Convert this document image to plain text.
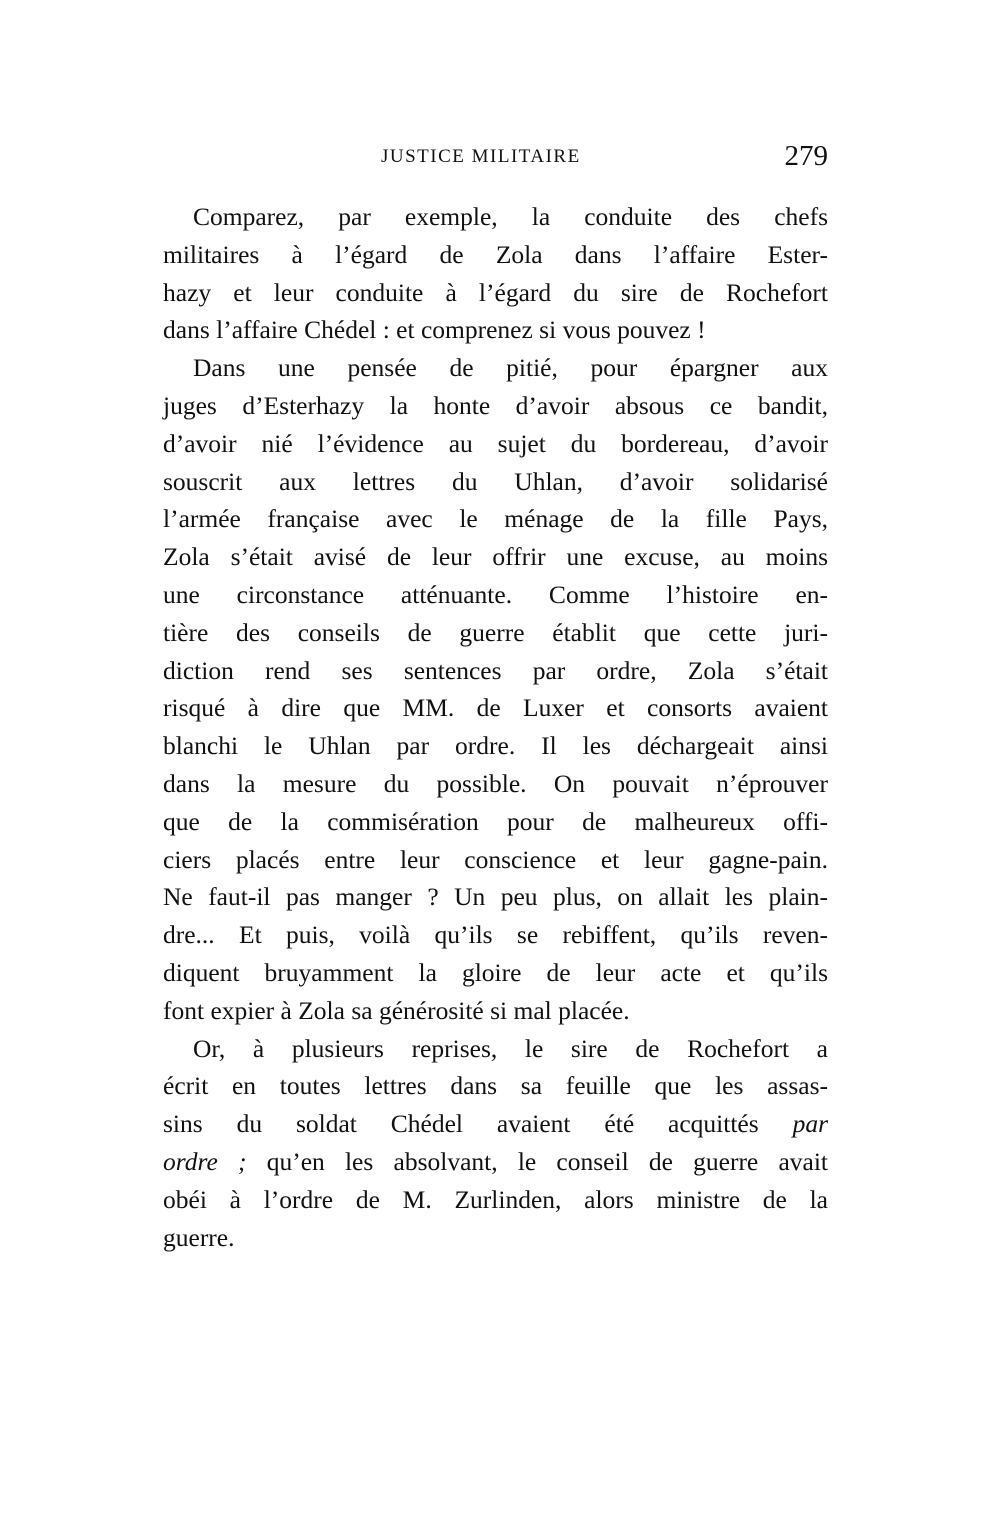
JUSTICE MILITAIRE	279
Comparez, par exemple, la conduite des chefs
militaires à l’égard de Zola dans l’affaire Ester-
hazy et leur conduite à l’égard du sire de Rochefort
dans l’affaire Chédel : et comprenez si vous pouvez !
Dans une pensée de pitié, pour épargner aux
juges d’Esterhazy la honte d’avoir absous ce bandit,
d’avoir nié l’évidence au sujet du bordereau, d’avoir
souscrit aux lettres du Uhlan, d’avoir solidarisé
l’armée française avec le ménage de la fille Pays,
Zola s’était avisé de leur offrir une excuse, au moins
une circonstance atténuante. Comme l’histoire en-
tière des conseils de guerre établit que cette juri-
diction rend ses sentences par ordre, Zola s’était
risqué à dire que MM. de Luxer et consorts avaient
blanchi le Uhlan par ordre. Il les déchargeait ainsi
dans la mesure du possible. On pouvait n’éprouver
que de la commisération pour de malheureux offi-
ciers placés entre leur conscience et leur gagne-pain.
Ne faut-il pas manger ? Un peu plus, on allait les plain-
dre... Et puis, voilà qu’ils se rebiffent, qu’ils reven-
diquent bruyamment la gloire de leur acte et qu’ils
font expier à Zola sa générosité si mal placée.
Or, à plusieurs reprises, le sire de Rochefort a
écrit en toutes lettres dans sa feuille que les assas-
sins du soldat Chédel avaient été acquittés par
ordre ; qu’en les absolvant, le conseil de guerre avait
obéi à l’ordre de M. Zurlinden, alors ministre de la
guerre.
